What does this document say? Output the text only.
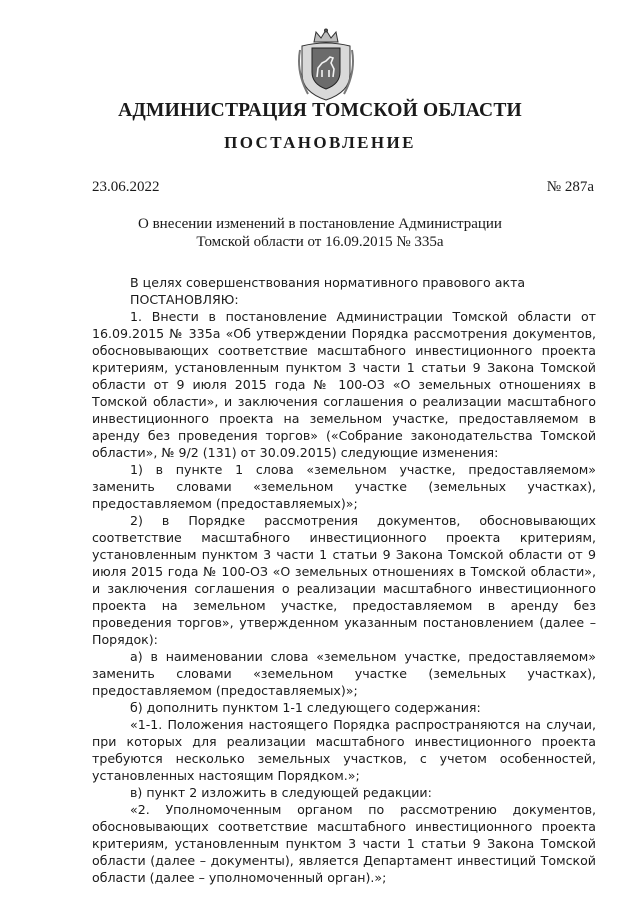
АДМИНИСТРАЦИЯ ТОМСКОЙ ОБЛАСТИ
ПОСТАНОВЛЕНИЕ
23.06.2022	№ 287а
О внесении изменений в постановление Администрации
Томской области от 16.09.2015 № 335а

В целях совершенствования нормативного правового акта

ПОСТАНОВЛЯЮ:

1. Внести в постановление Администрации Томской области от 16.09.2015 № 335а «Об утверждении Порядка рассмотрения документов, обосновывающих соответствие масштабного инвестиционного проекта критериям, установленным пунктом 3 части 1 статьи 9 Закона Томской области от 9 июля 2015 года № 100-ОЗ «О земельных отношениях в Томской области», и заключения соглашения о реализации масштабного инвестиционного проекта на земельном участке, предоставляемом в аренду без проведения торгов» («Собрание законодательства Томской области», № 9/2 (131) от 30.09.2015) следующие изменения:

1) в пункте 1 слова «земельном участке, предоставляемом» заменить словами «земельном участке (земельных участках), предоставляемом (предоставляемых)»;

2) в Порядке рассмотрения документов, обосновывающих соответствие масштабного инвестиционного проекта критериям, установленным пунктом 3 части 1 статьи 9 Закона Томской области от 9 июля 2015 года № 100-ОЗ «О земельных отношениях в Томской области», и заключения соглашения о реализации масштабного инвестиционного проекта на земельном участке, предоставляемом в аренду без проведения торгов», утвержденном указанным постановлением (далее – Порядок):

а) в наименовании слова «земельном участке, предоставляемом» заменить словами «земельном участке (земельных участках), предоставляемом (предоставляемых)»;

б) дополнить пунктом 1-1 следующего содержания:

«1-1. Положения настоящего Порядка распространяются на случаи, при которых для реализации масштабного инвестиционного проекта требуются несколько земельных участков, с учетом особенностей, установленных настоящим Порядком.»;

в) пункт 2 изложить в следующей редакции:

«2. Уполномоченным органом по рассмотрению документов, обосновывающих соответствие масштабного инвестиционного проекта критериям, установленным пунктом 3 части 1 статьи 9 Закона Томской области (далее – документы), является Департамент инвестиций Томской области (далее – уполномоченный орган).»;
